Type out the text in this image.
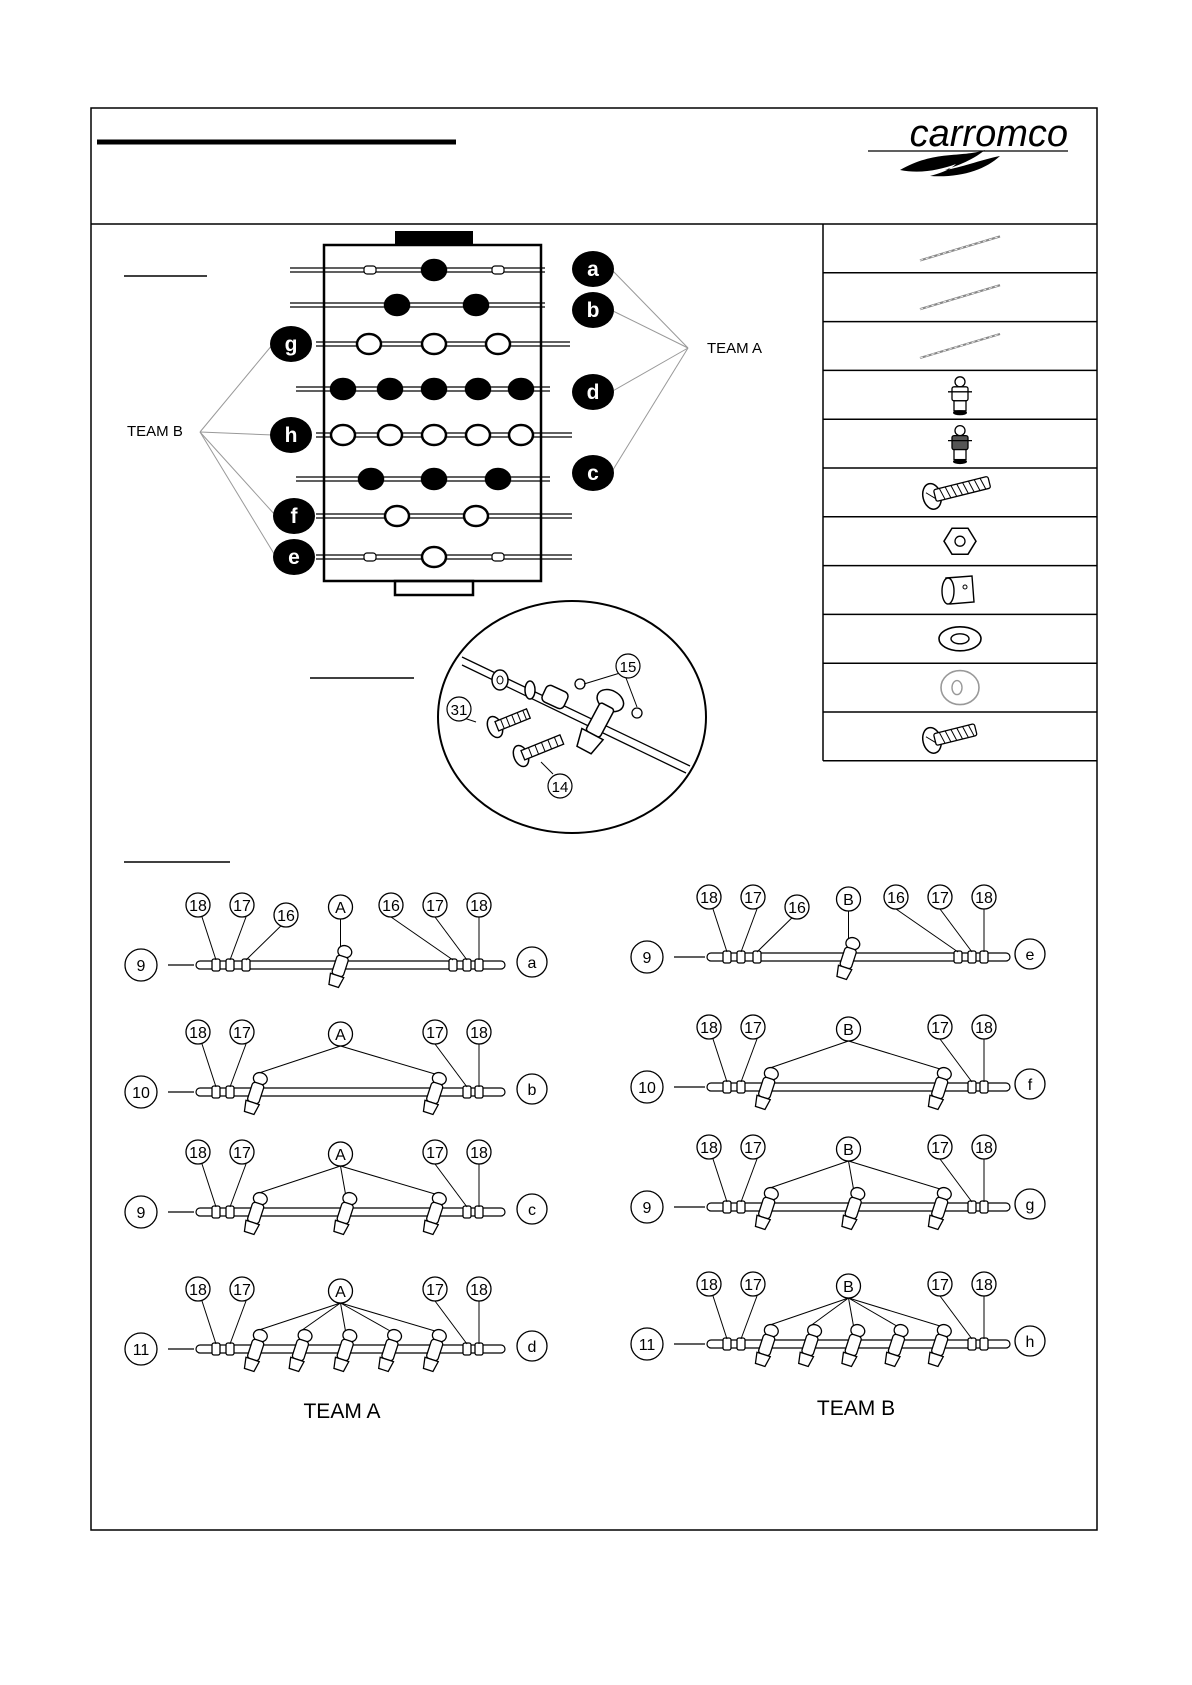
carromco
a
b
d
c
g
h
f
e
TEAM A
TEAM B
31
15
14
9	a
18 17
16
16 17 18
A
10	b
18 17	17 18
A
9	c
18 17	17 18
A
11	d
18 17	17 18
A
9	e
18 17
16
16 17 18
B
10	f
18 17	17 18
B
9	g
18 17	17 18
B
11	h
18 17	17 18
B
TEAM A	TEAM B
